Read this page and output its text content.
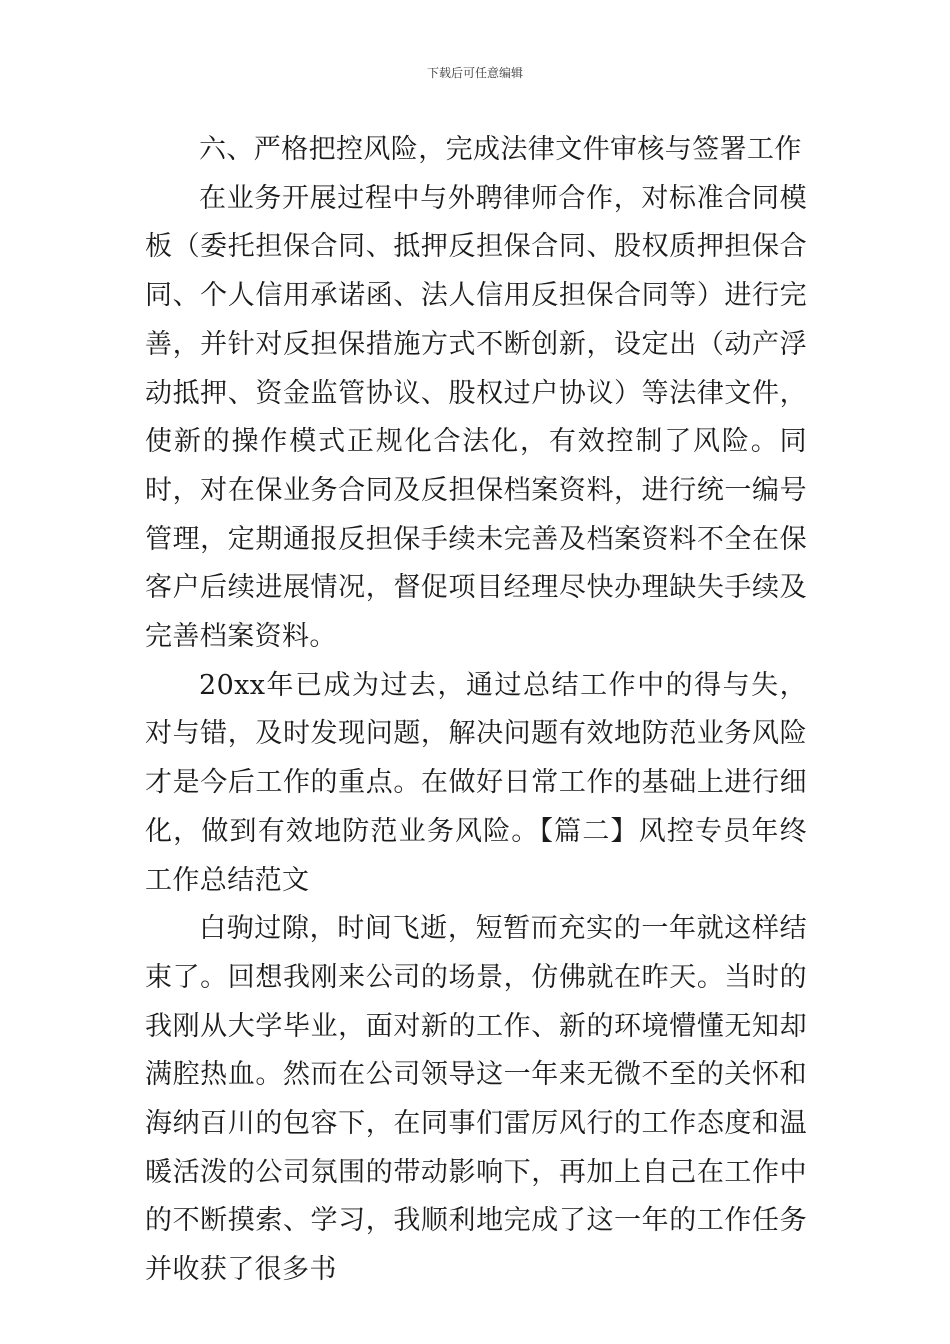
下载后可任意编辑

六、严格把控风险，完成法律文件审核与签署工作

在业务开展过程中与外聘律师合作，对标准合同模板（委托担保合同、抵押反担保合同、股权质押担保合同、个人信用承诺函、法人信用反担保合同等）进行完善，并针对反担保措施方式不断创新，设定出（动产浮动抵押、资金监管协议、股权过户协议）等法律文件，使新的操作模式正规化合法化，有效控制了风险。同时，对在保业务合同及反担保档案资料，进行统一编号管理，定期通报反担保手续未完善及档案资料不全在保客户后续进展情况，督促项目经理尽快办理缺失手续及完善档案资料。

20xx年已成为过去，通过总结工作中的得与失，对与错，及时发现问题，解决问题有效地防范业务风险才是今后工作的重点。在做好日常工作的基础上进行细化，做到有效地防范业务风险。【篇二】风控专员年终工作总结范文

白驹过隙，时间飞逝，短暂而充实的一年就这样结束了。回想我刚来公司的场景，仿佛就在昨天。当时的我刚从大学毕业，面对新的工作、新的环境懵懂无知却满腔热血。然而在公司领导这一年来无微不至的关怀和海纳百川的包容下，在同事们雷厉风行的工作态度和温暖活泼的公司氛围的带动影响下，再加上自己在工作中的不断摸索、学习，我顺利地完成了这一年的工作任务并收获了很多书
